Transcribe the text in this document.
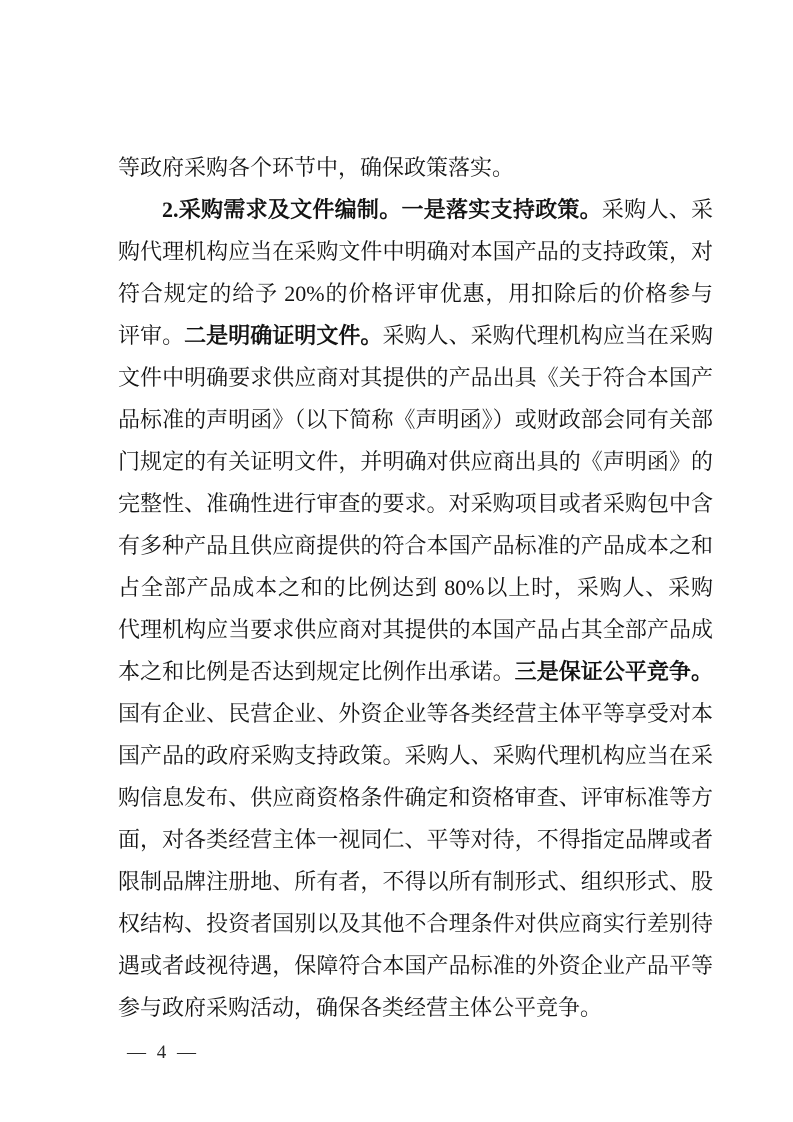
等政府采购各个环节中，确保政策落实。

2.采购需求及文件编制。一是落实支持政策。采购人、采购代理机构应当在采购文件中明确对本国产品的支持政策，对符合规定的给予 20%的价格评审优惠，用扣除后的价格参与评审。二是明确证明文件。采购人、采购代理机构应当在采购文件中明确要求供应商对其提供的产品出具《关于符合本国产品标准的声明函》（以下简称《声明函》）或财政部会同有关部门规定的有关证明文件，并明确对供应商出具的《声明函》的完整性、准确性进行审查的要求。对采购项目或者采购包中含有多种产品且供应商提供的符合本国产品标准的产品成本之和占全部产品成本之和的比例达到 80%以上时，采购人、采购代理机构应当要求供应商对其提供的本国产品占其全部产品成本之和比例是否达到规定比例作出承诺。三是保证公平竞争。国有企业、民营企业、外资企业等各类经营主体平等享受对本国产品的政府采购支持政策。采购人、采购代理机构应当在采购信息发布、供应商资格条件确定和资格审查、评审标准等方面，对各类经营主体一视同仁、平等对待，不得指定品牌或者限制品牌注册地、所有者，不得以所有制形式、组织形式、股权结构、投资者国别以及其他不合理条件对供应商实行差别待遇或者歧视待遇，保障符合本国产品标准的外资企业产品平等参与政府采购活动，确保各类经营主体公平竞争。

— 4 —
